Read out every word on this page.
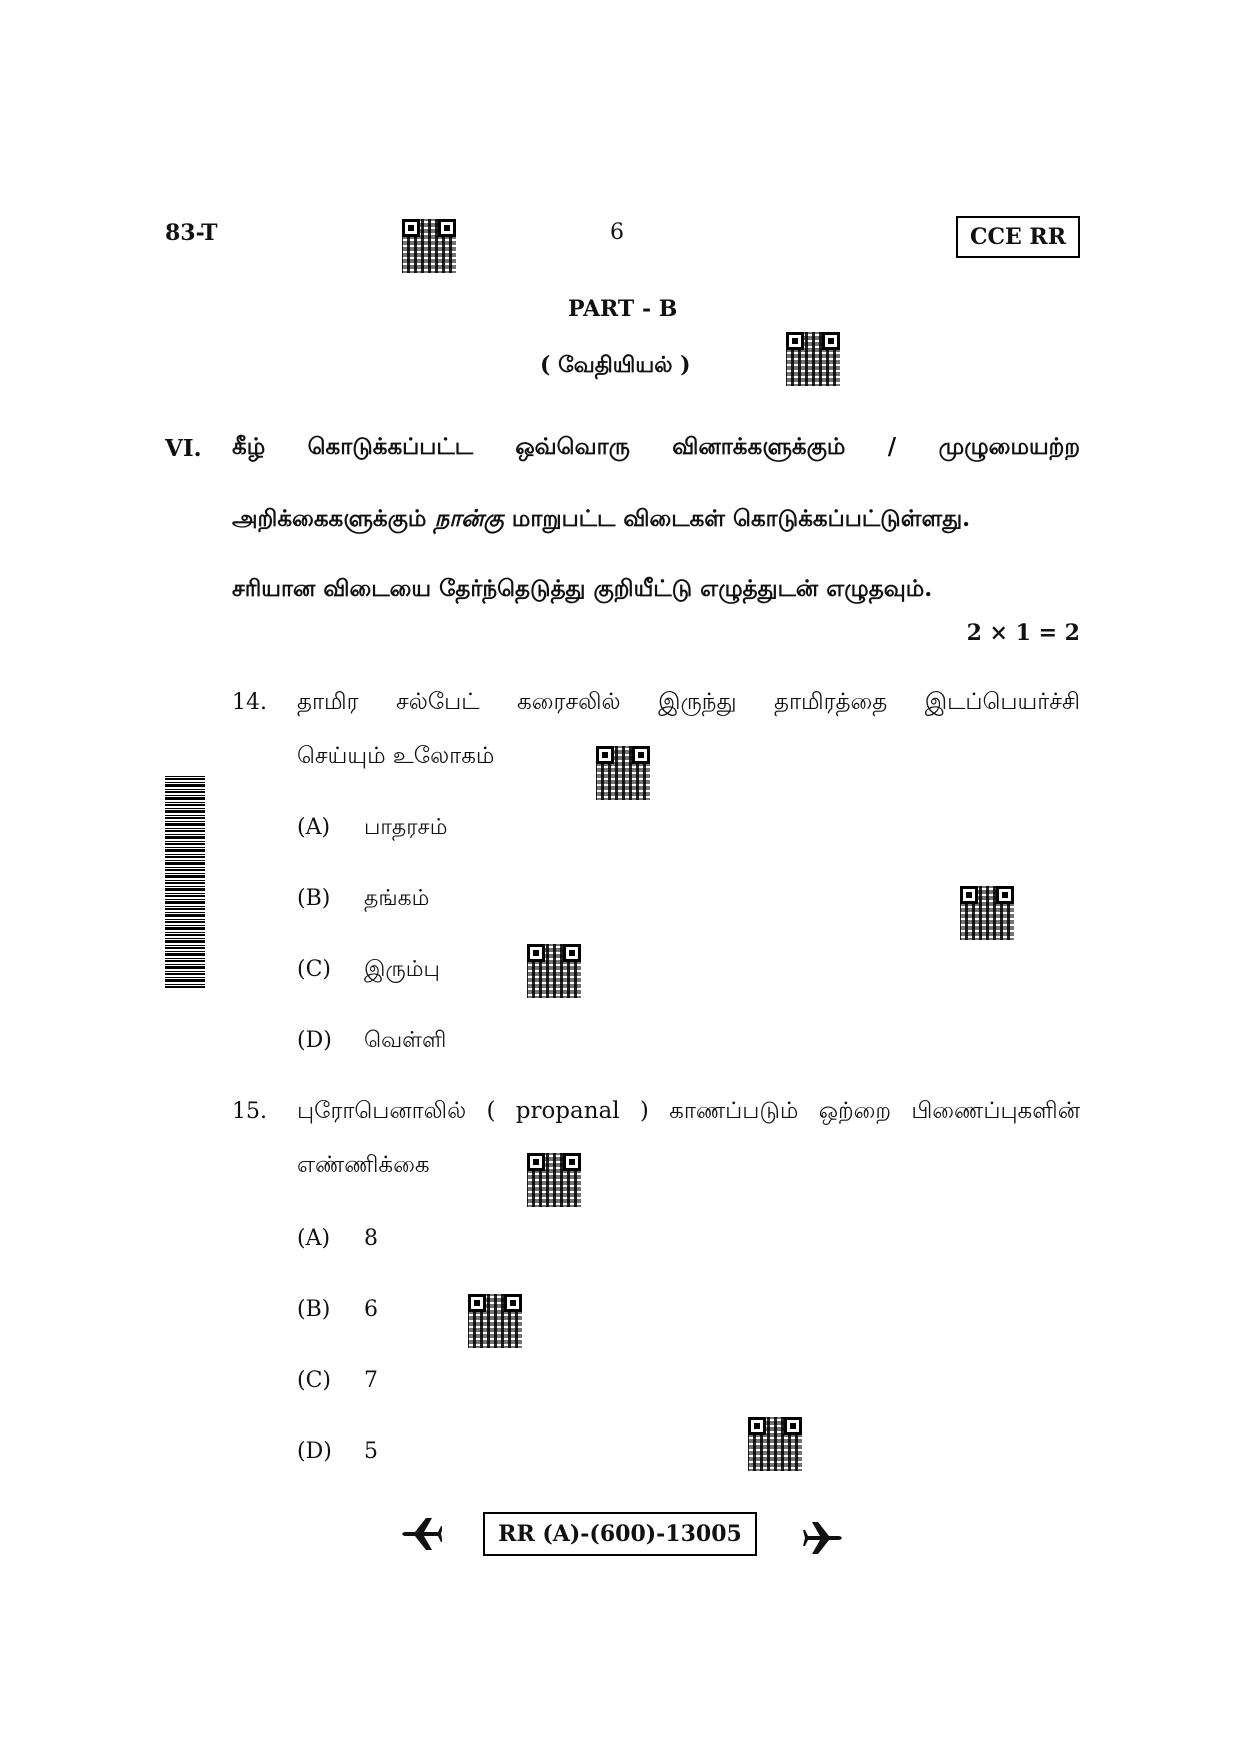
83-T	6	CCE RR
PART - B
( வேதியியல் )
VI. கீழ் கொடுக்கப்பட்ட ஒவ்வொரு வினாக்களுக்கும் / முழுமையற்ற
அறிக்கைகளுக்கும் நான்கு மாறுபட்ட விடைகள் கொடுக்கப்பட்டுள்ளது.
சரியான விடையை தேர்ந்தெடுத்து குறியீட்டு எழுத்துடன் எழுதவும்.
2 × 1 = 2
14. தாமிர சல்பேட் கரைசலில் இருந்து தாமிரத்தை இடப்பெயர்ச்சி
செய்யும் உலோகம்
(A) பாதரசம்
(B) தங்கம்
(C) இரும்பு
(D) வெள்ளி
15. புரோபெனாலில் ( propanal ) காணப்படும் ஒற்றை பிணைப்புகளின்
எண்ணிக்கை
(A) 8
(B) 6
(C) 7
(D) 5
RR (A)-(600)-13005
